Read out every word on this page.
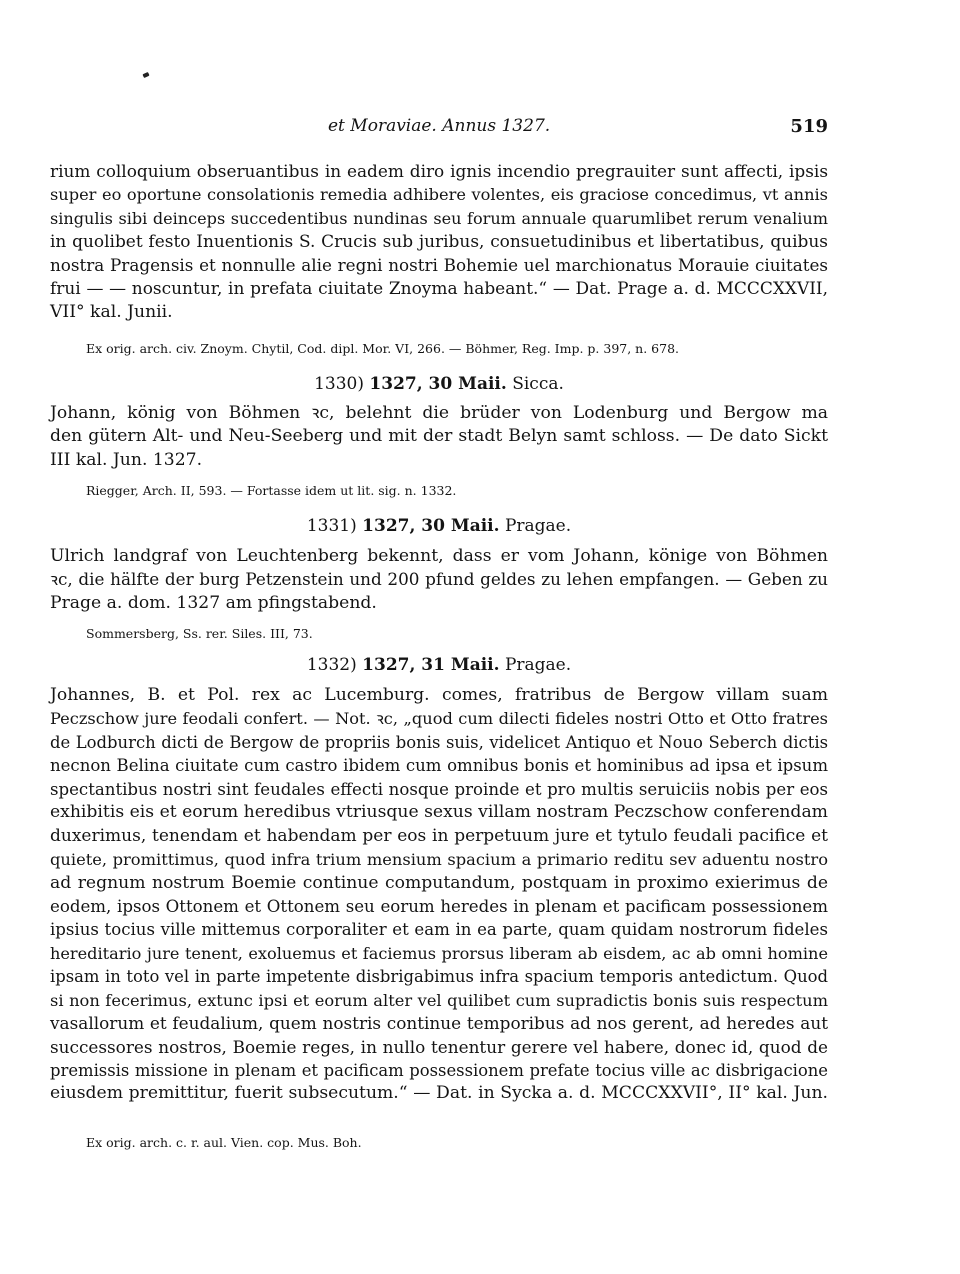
et Moraviae. Annus 1327.	519
rium colloquium obseruantibus in eadem diro ignis incendio pregrauiter sunt affecti, ipsis
super eo oportune consolationis remedia adhibere volentes, eis graciose concedimus, vt annis
singulis sibi deinceps succedentibus nundinas seu forum annuale quarumlibet rerum venalium
in quolibet festo Inuentionis S. Crucis sub juribus, consuetudinibus et libertatibus, quibus
nostra Pragensis et nonnulle alie regni nostri Bohemie uel marchionatus Morauie ciuitates
frui — — noscuntur, in prefata ciuitate Znoyma habeant.“ — Dat. Prage a. d. MCCCXXVII,
VII° kal. Junii.
Ex orig. arch. civ. Znoym. Chytil, Cod. dipl. Mor. VI, 266. — Böhmer, Reg. Imp. p. 397, n. 678.
1330) 1327, 30 Maii. Sicca.
Johann, könig von Böhmen ꝛc, belehnt die brüder von Lodenburg und Bergow ma
den gütern Alt- und Neu-Seeberg und mit der stadt Belyn samt schloss. — De dato Sickt
III kal. Jun. 1327.
Riegger, Arch. II, 593. — Fortasse idem ut lit. sig. n. 1332.
1331) 1327, 30 Maii. Pragae.
Ulrich landgraf von Leuchtenberg bekennt, dass er vom Johann, könige von Böhmen
ꝛc, die hälfte der burg Petzenstein und 200 pfund geldes zu lehen empfangen. — Geben zu
Prage a. dom. 1327 am pfingstabend.
Sommersberg, Ss. rer. Siles. III, 73.
1332) 1327, 31 Maii. Pragae.
Johannes, B. et Pol. rex ac Lucemburg. comes, fratribus de Bergow villam suam
Peczschow jure feodali confert. — Not. ꝛc, „quod cum dilecti fideles nostri Otto et Otto fratres
de Lodburch dicti de Bergow de propriis bonis suis, videlicet Antiquo et Nouo Seberch dictis
necnon Belina ciuitate cum castro ibidem cum omnibus bonis et hominibus ad ipsa et ipsum
spectantibus nostri sint feudales effecti nosque proinde et pro multis seruiciis nobis per eos
exhibitis eis et eorum heredibus vtriusque sexus villam nostram Peczschow conferendam
duxerimus, tenendam et habendam per eos in perpetuum jure et tytulo feudali pacifice et
quiete, promittimus, quod infra trium mensium spacium a primario reditu sev aduentu nostro
ad regnum nostrum Boemie continue computandum, postquam in proximo exierimus de
eodem, ipsos Ottonem et Ottonem seu eorum heredes in plenam et pacificam possessionem
ipsius tocius ville mittemus corporaliter et eam in ea parte, quam quidam nostrorum fideles
hereditario jure tenent, exoluemus et faciemus prorsus liberam ab eisdem, ac ab omni homine
ipsam in toto vel in parte impetente disbrigabimus infra spacium temporis antedictum. Quod
si non fecerimus, extunc ipsi et eorum alter vel quilibet cum supradictis bonis suis respectum
vasallorum et feudalium, quem nostris continue temporibus ad nos gerent, ad heredes aut
successores nostros, Boemie reges, in nullo tenentur gerere vel habere, donec id, quod de
premissis missione in plenam et pacificam possessionem prefate tocius ville ac disbrigacione
eiusdem premittitur, fuerit subsecutum.“ — Dat. in Sycka a. d. MCCCXXVII°, II° kal. Jun.
Ex orig. arch. c. r. aul. Vien. cop. Mus. Boh.
